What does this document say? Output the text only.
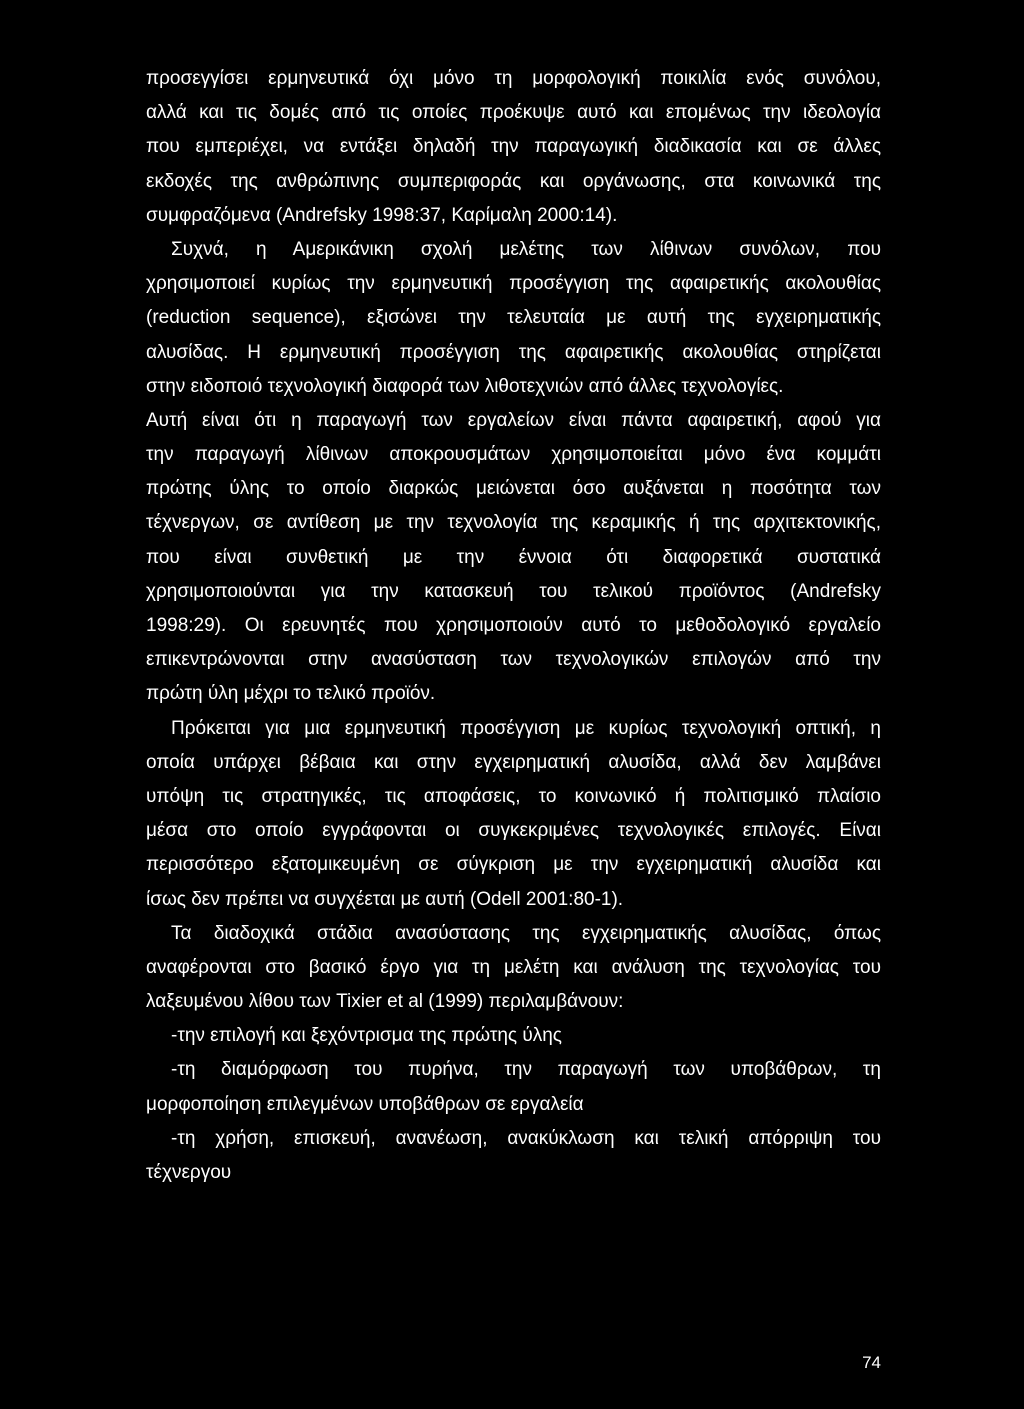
προσεγγίσει ερμηνευτικά όχι μόνο τη μορφολογική ποικιλία ενός συνόλου,
αλλά και τις δομές από τις οποίες προέκυψε αυτό και επομένως την ιδεολογία
που εμπεριέχει, να εντάξει δηλαδή την παραγωγική διαδικασία και σε άλλες
εκδοχές της ανθρώπινης συμπεριφοράς και οργάνωσης, στα κοινωνικά της
συμφραζόμενα (Andrefsky 1998:37, Καρίμαλη 2000:14).
Συχνά, η Αμερικάνικη σχολή μελέτης των λίθινων συνόλων, που
χρησιμοποιεί κυρίως την ερμηνευτική προσέγγιση της αφαιρετικής ακολουθίας
(reduction sequence), εξισώνει την τελευταία με αυτή της εγχειρηματικής
αλυσίδας. Η ερμηνευτική προσέγγιση της αφαιρετικής ακολουθίας στηρίζεται
στην ειδοποιό τεχνολογική διαφορά των λιθοτεχνιών από άλλες τεχνολογίες.
Αυτή είναι ότι η παραγωγή των εργαλείων είναι πάντα αφαιρετική, αφού για
την παραγωγή λίθινων αποκρουσμάτων χρησιμοποιείται μόνο ένα κομμάτι
πρώτης ύλης το οποίο διαρκώς μειώνεται όσο αυξάνεται η ποσότητα των
τέχνεργων, σε αντίθεση με την τεχνολογία της κεραμικής ή της αρχιτεκτονικής,
που είναι συνθετική με την έννοια ότι διαφορετικά συστατικά
χρησιμοποιούνται για την κατασκευή του τελικού προϊόντος (Andrefsky
1998:29). Οι ερευνητές που χρησιμοποιούν αυτό το μεθοδολογικό εργαλείο
επικεντρώνονται στην ανασύσταση των τεχνολογικών επιλογών από την
πρώτη ύλη μέχρι το τελικό προϊόν.
Πρόκειται για μια ερμηνευτική προσέγγιση με κυρίως τεχνολογική οπτική, η
οποία υπάρχει βέβαια και στην εγχειρηματική αλυσίδα, αλλά δεν λαμβάνει
υπόψη τις στρατηγικές, τις αποφάσεις, το κοινωνικό ή πολιτισμικό πλαίσιο
μέσα στο οποίο εγγράφονται οι συγκεκριμένες τεχνολογικές επιλογές. Είναι
περισσότερο εξατομικευμένη σε σύγκριση με την εγχειρηματική αλυσίδα και
ίσως δεν πρέπει να συγχέεται με αυτή (Odell 2001:80-1).
Τα διαδοχικά στάδια ανασύστασης της εγχειρηματικής αλυσίδας, όπως
αναφέρονται στο βασικό έργο για τη μελέτη και ανάλυση της τεχνολογίας του
λαξευμένου λίθου των Tixier et al (1999) περιλαμβάνουν:
-την επιλογή και ξεχόντρισμα της πρώτης ύλης
-τη διαμόρφωση του πυρήνα, την παραγωγή των υποβάθρων, τη
μορφοποίηση επιλεγμένων υποβάθρων σε εργαλεία
-τη χρήση, επισκευή, ανανέωση, ανακύκλωση και τελική απόρριψη του
τέχνεργου
74
